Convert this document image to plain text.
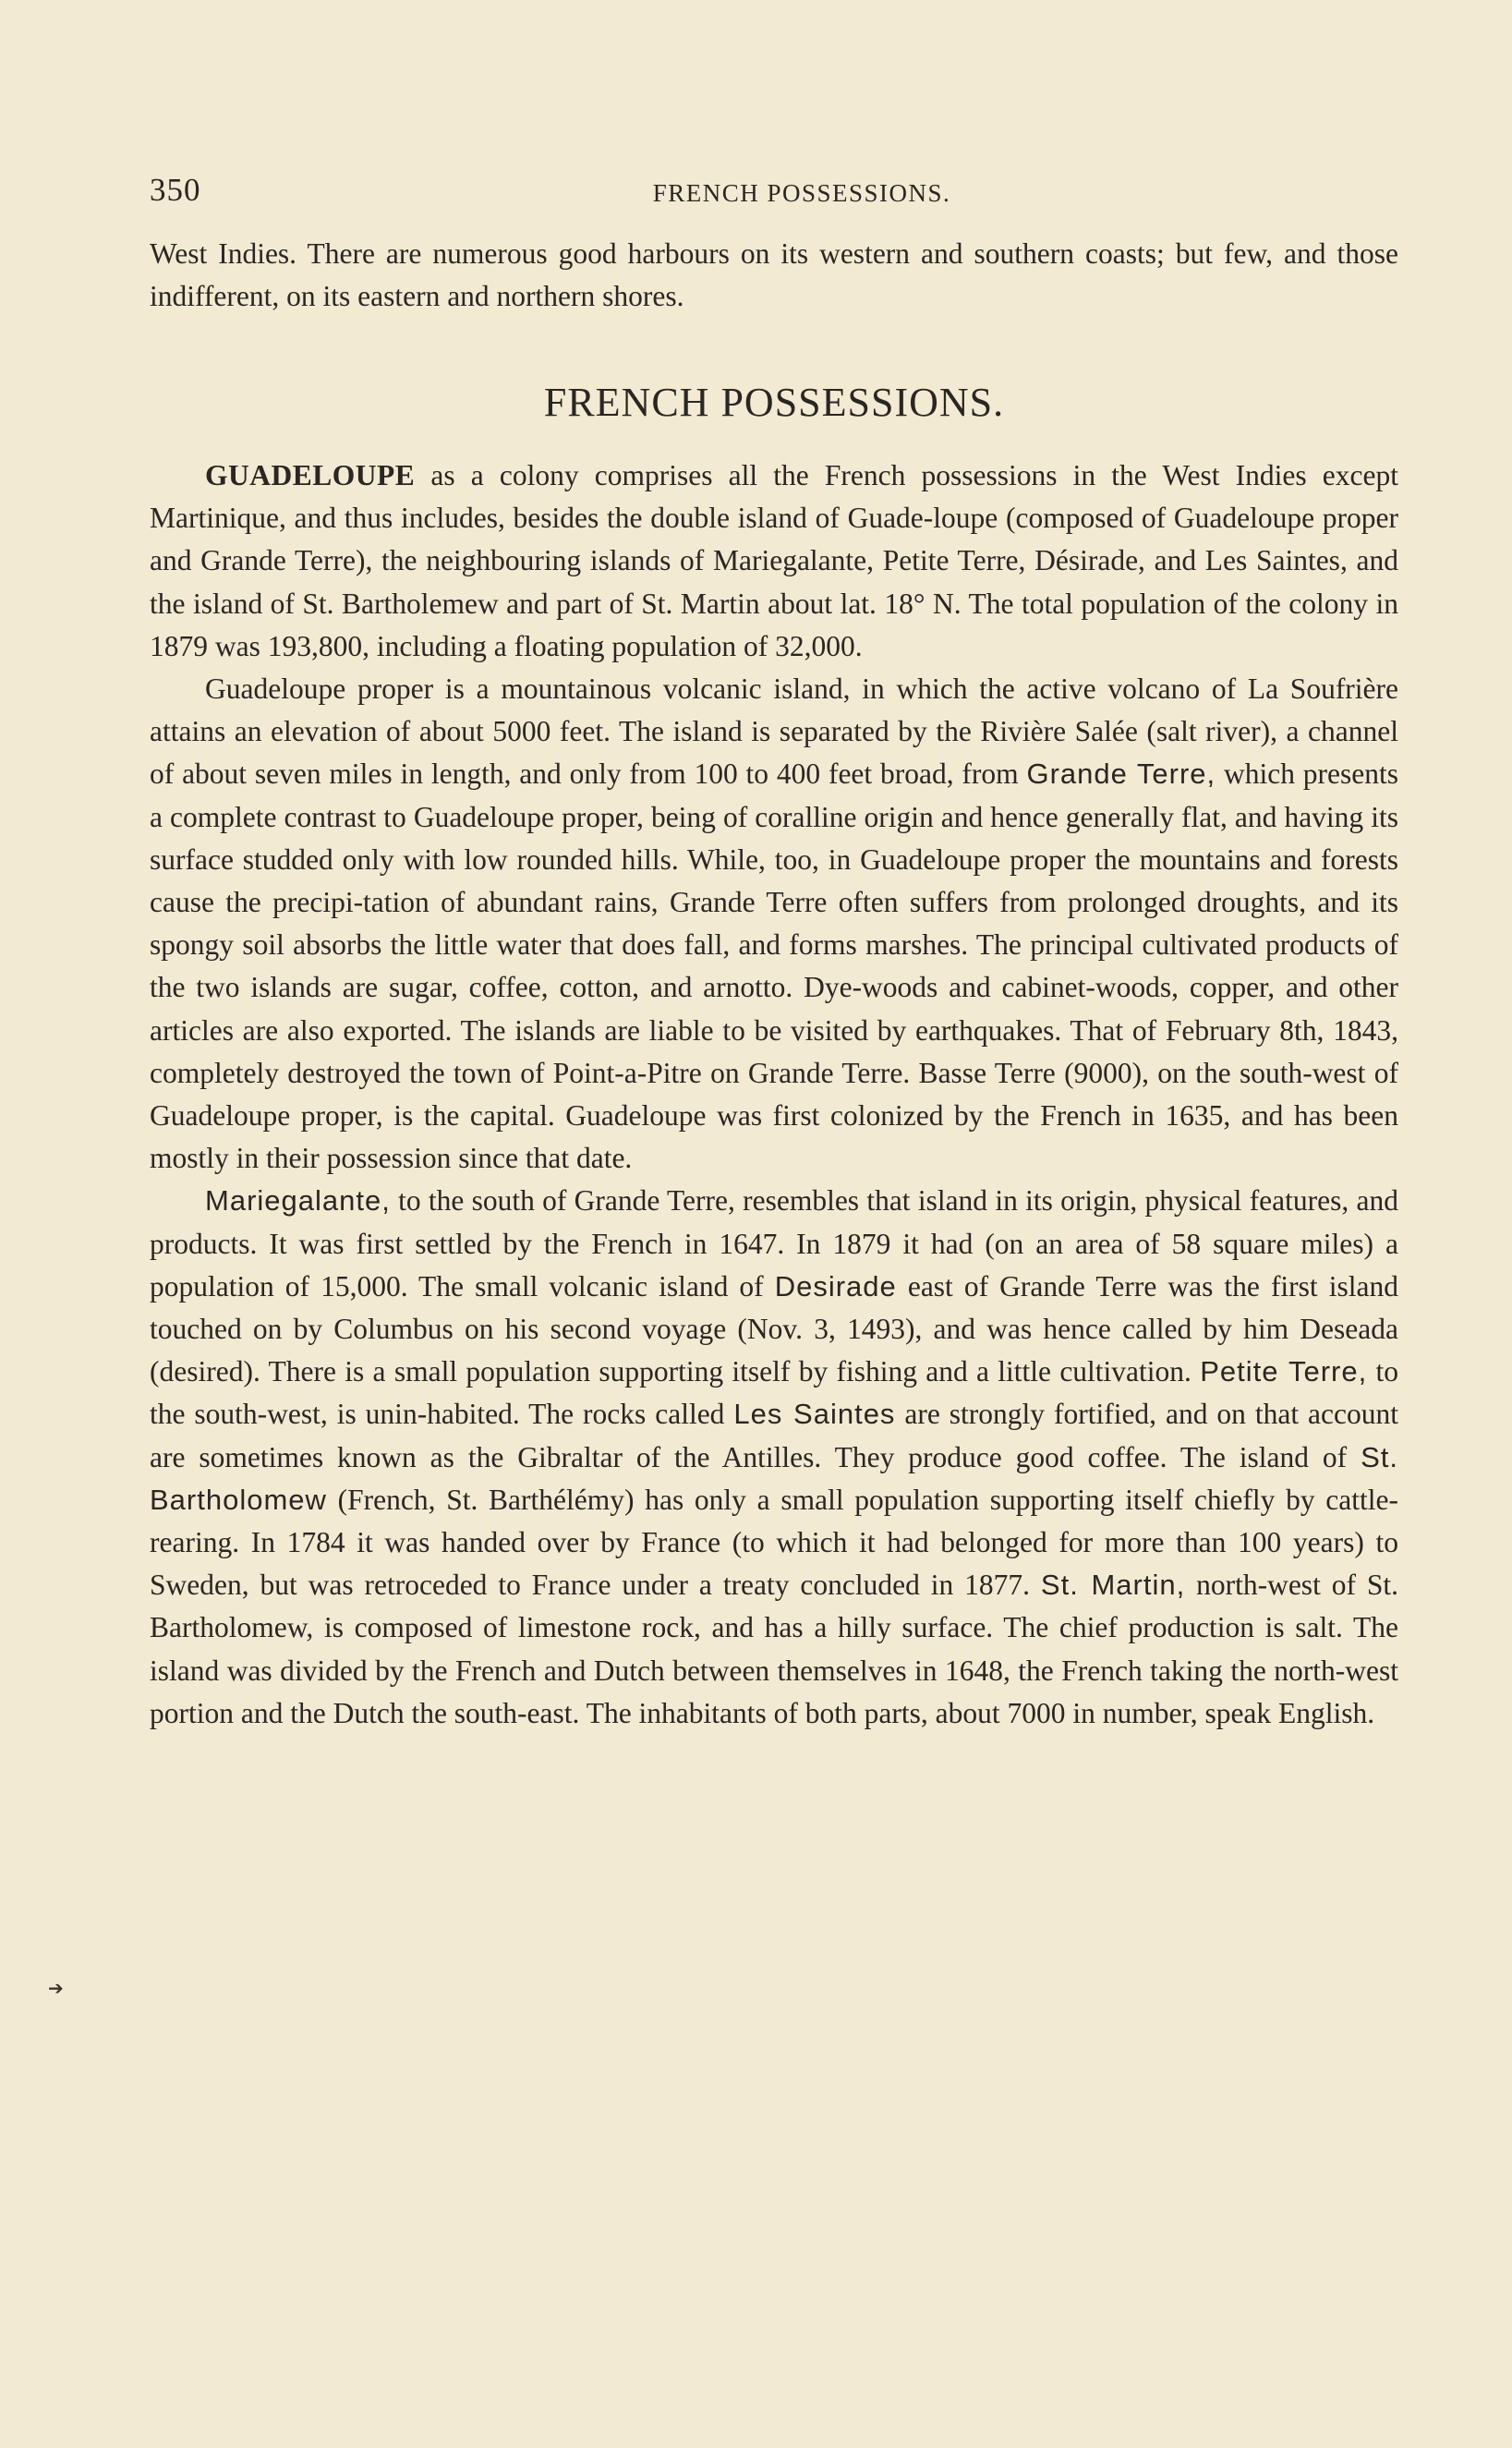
350	FRENCH POSSESSIONS.

West Indies. There are numerous good harbours on its western and southern coasts; but few, and those indifferent, on its eastern and northern shores.

FRENCH POSSESSIONS.

GUADELOUPE as a colony comprises all the French possessions in the West Indies except Martinique, and thus includes, besides the double island of Guade-loupe (composed of Guadeloupe proper and Grande Terre), the neighbouring islands of Mariegalante, Petite Terre, Désirade, and Les Saintes, and the island of St. Bartholemew and part of St. Martin about lat. 18° N. The total population of the colony in 1879 was 193,800, including a floating population of 32,000.

Guadeloupe proper is a mountainous volcanic island, in which the active volcano of La Soufrière attains an elevation of about 5000 feet. The island is separated by the Rivière Salée (salt river), a channel of about seven miles in length, and only from 100 to 400 feet broad, from Grande Terre, which presents a complete contrast to Guadeloupe proper, being of coralline origin and hence generally flat, and having its surface studded only with low rounded hills. While, too, in Guadeloupe proper the mountains and forests cause the precipi-tation of abundant rains, Grande Terre often suffers from prolonged droughts, and its spongy soil absorbs the little water that does fall, and forms marshes. The principal cultivated products of the two islands are sugar, coffee, cotton, and arnotto. Dye-woods and cabinet-woods, copper, and other articles are also exported. The islands are liable to be visited by earthquakes. That of February 8th, 1843, completely destroyed the town of Point-a-Pitre on Grande Terre. Basse Terre (9000), on the south-west of Guadeloupe proper, is the capital. Guadeloupe was first colonized by the French in 1635, and has been mostly in their possession since that date.

Mariegalante, to the south of Grande Terre, resembles that island in its origin, physical features, and products. It was first settled by the French in 1647. In 1879 it had (on an area of 58 square miles) a population of 15,000. The small volcanic island of Desirade east of Grande Terre was the first island touched on by Columbus on his second voyage (Nov. 3, 1493), and was hence called by him Deseada (desired). There is a small population supporting itself by fishing and a little cultivation. Petite Terre, to the south-west, is unin-habited. The rocks called Les Saintes are strongly fortified, and on that account are sometimes known as the Gibraltar of the Antilles. They produce good coffee. The island of St. Bartholomew (French, St. Barthélémy) has only a small population supporting itself chiefly by cattle-rearing. In 1784 it was handed over by France (to which it had belonged for more than 100 years) to Sweden, but was retroceded to France under a treaty concluded in 1877. St. Martin, north-west of St. Bartholomew, is composed of limestone rock, and has a hilly surface. The chief production is salt. The island was divided by the French and Dutch between themselves in 1648, the French taking the north-west portion and the Dutch the south-east. The inhabitants of both parts, about 7000 in number, speak English.

➔
